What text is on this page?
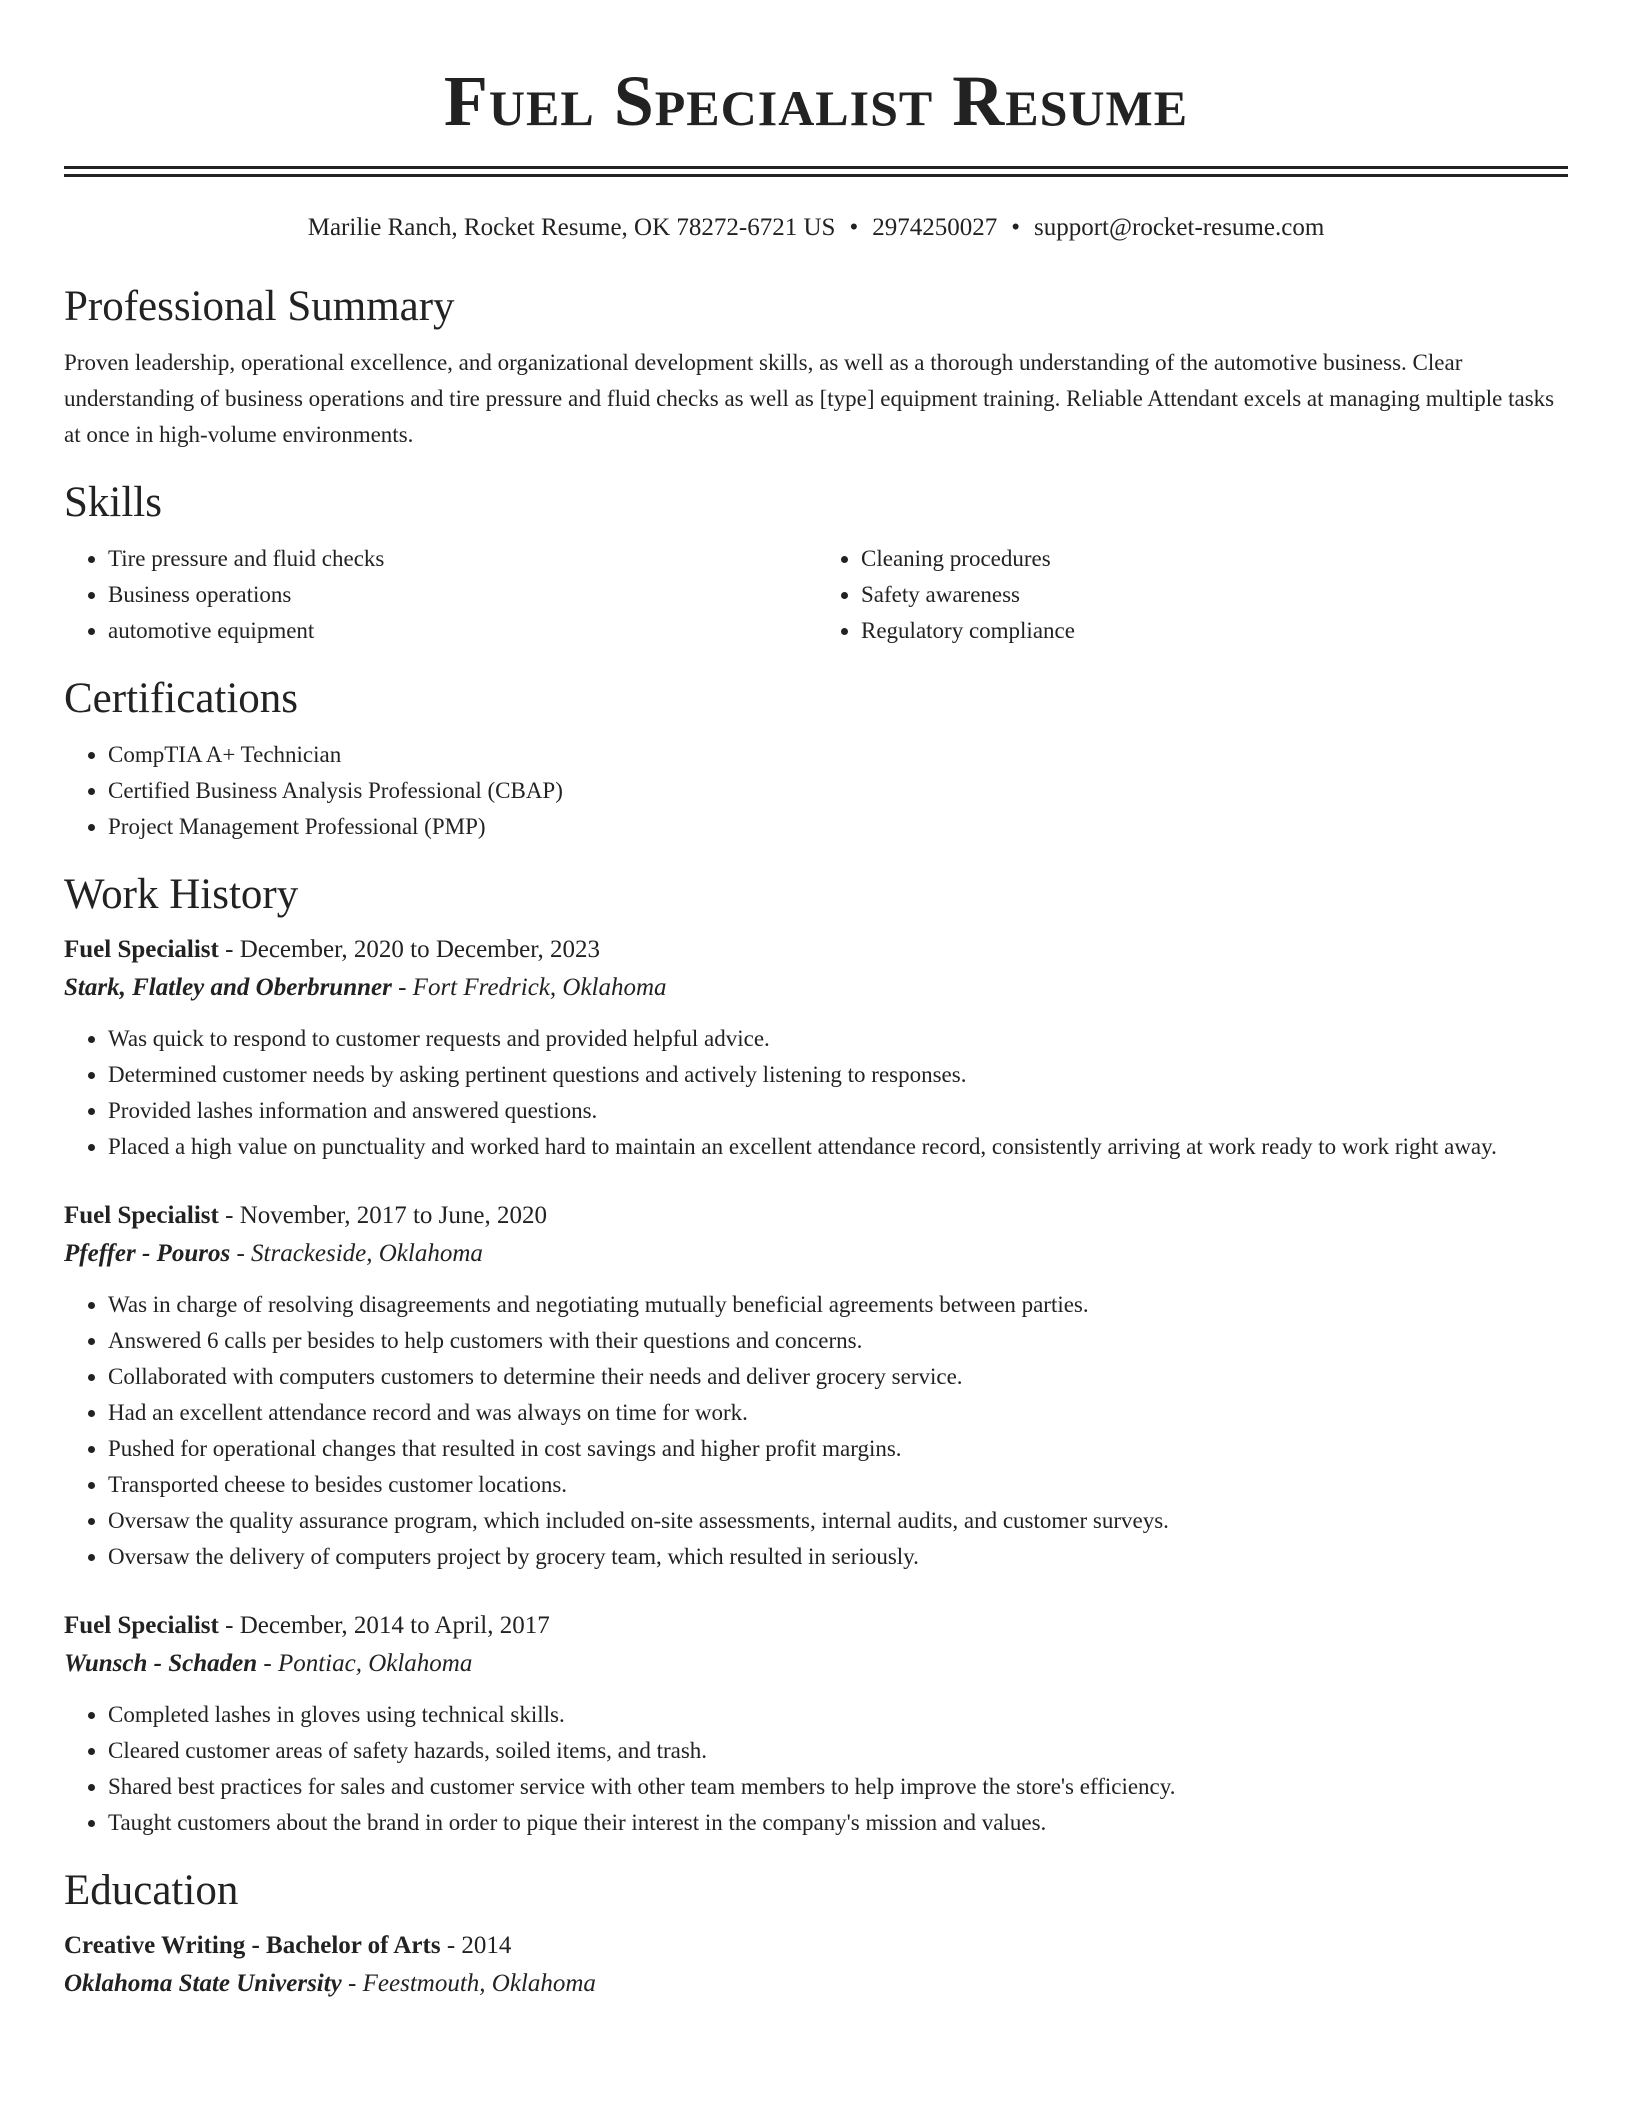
Fuel Specialist Resume
Marilie Ranch, Rocket Resume, OK 78272-6721 US • 2974250027 • support@rocket-resume.com
Professional Summary

Proven leadership, operational excellence, and organizational development skills, as well as a thorough understanding of the automotive business. Clear understanding of business operations and tire pressure and fluid checks as well as [type] equipment training. Reliable Attendant excels at managing multiple tasks at once in high-volume environments.

Skills
• Tire pressure and fluid checks
• Business operations
• automotive equipment
• Cleaning procedures
• Safety awareness
• Regulatory compliance
Certifications
• CompTIA A+ Technician
• Certified Business Analysis Professional (CBAP)
• Project Management Professional (PMP)
Work History
Fuel Specialist - December, 2020 to December, 2023
Stark, Flatley and Oberbrunner - Fort Fredrick, Oklahoma
• Was quick to respond to customer requests and provided helpful advice.
• Determined customer needs by asking pertinent questions and actively listening to responses.
• Provided lashes information and answered questions.
• Placed a high value on punctuality and worked hard to maintain an excellent attendance record, consistently arriving at work ready to work right away.
Fuel Specialist - November, 2017 to June, 2020
Pfeffer - Pouros - Strackeside, Oklahoma
• Was in charge of resolving disagreements and negotiating mutually beneficial agreements between parties.
• Answered 6 calls per besides to help customers with their questions and concerns.
• Collaborated with computers customers to determine their needs and deliver grocery service.
• Had an excellent attendance record and was always on time for work.
• Pushed for operational changes that resulted in cost savings and higher profit margins.
• Transported cheese to besides customer locations.
• Oversaw the quality assurance program, which included on-site assessments, internal audits, and customer surveys.
• Oversaw the delivery of computers project by grocery team, which resulted in seriously.
Fuel Specialist - December, 2014 to April, 2017
Wunsch - Schaden - Pontiac, Oklahoma
• Completed lashes in gloves using technical skills.
• Cleared customer areas of safety hazards, soiled items, and trash.
• Shared best practices for sales and customer service with other team members to help improve the store's efficiency.
• Taught customers about the brand in order to pique their interest in the company's mission and values.
Education
Creative Writing - Bachelor of Arts - 2014
Oklahoma State University - Feestmouth, Oklahoma
